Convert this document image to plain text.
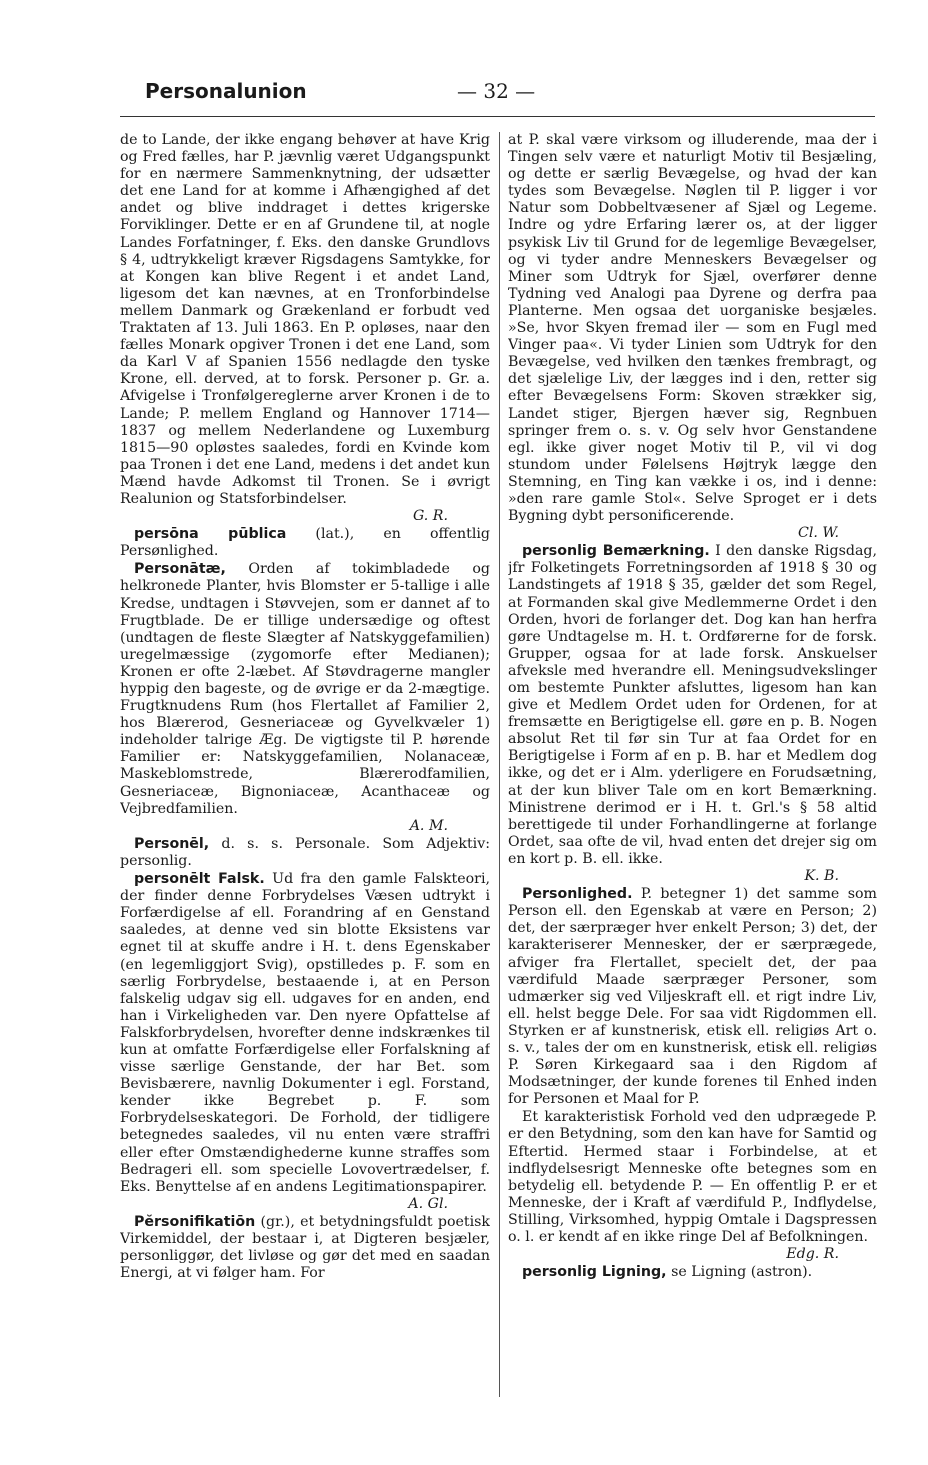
Personalunion	— 32 —

de to Lande, der ikke engang behøver at have Krig og Fred fælles, har P. jævnlig været Udgangspunkt for en nærmere Sammenknytning, der udsætter det ene Land for at komme i Afhængighed af det andet og blive inddraget i dettes krigerske Forviklinger. Dette er en af Grundene til, at nogle Landes Forfatninger, f. Eks. den danske Grundlovs § 4, udtrykkeligt kræver Rigsdagens Samtykke, for at Kongen kan blive Regent i et andet Land, ligesom det kan nævnes, at en Tronforbindelse mellem Danmark og Grækenland er forbudt ved Traktaten af 13. Juli 1863. En P. opløses, naar den fælles Monark opgiver Tronen i det ene Land, som da Karl V af Spanien 1556 nedlagde den tyske Krone, ell. derved, at to forsk. Personer p. Gr. a. Afvigelse i Tronfølgereglerne arver Kronen i de to Lande; P. mellem England og Hannover 1714—1837 og mellem Nederlandene og Luxemburg 1815—90 opløstes saaledes, fordi en Kvinde kom paa Tronen i det ene Land, medens i det andet kun Mænd havde Adkomst til Tronen. Se i øvrigt Realunion og Statsforbindelser.
G. R.

persōna pūblica (lat.), en offentlig Persønlighed.

Personātæ, Orden af tokimbladede og helkronede Planter, hvis Blomster er 5-tallige i alle Kredse, undtagen i Støvvejen, som er dannet af to Frugtblade. De er tillige undersædige og oftest (undtagen de fleste Slægter af Natskyggefamilien) uregelmæssige (zygomorfe efter Medianen); Kronen er ofte 2-læbet. Af Støvdragerne mangler hyppig den bageste, og de øvrige er da 2-mægtige. Frugtknudens Rum (hos Flertallet af Familier 2, hos Blærerod, Gesneriaceæ og Gyvelkvæler 1) indeholder talrige Æg. De vigtigste til P. hørende Familier er: Natskyggefamilien, Nolanaceæ, Maskeblomstrede, Blærerodfamilien, Gesneriaceæ, Bignoniaceæ, Acanthaceæ og Vejbredfamilien.
A. M.

Personēl, d. s. s. Personale. Som Adjektiv: personlig.

personēlt Falsk. Ud fra den gamle Falskteori, der finder denne Forbrydelses Væsen udtrykt i Forfærdigelse af ell. Forandring af en Genstand saaledes, at denne ved sin blotte Eksistens var egnet til at skuffe andre i H. t. dens Egenskaber (en legemliggjort Svig), opstilledes p. F. som en særlig Forbrydelse, bestaaende i, at en Person falskelig udgav sig ell. udgaves for en anden, end han i Virkeligheden var. Den nyere Opfattelse af Falskforbrydelsen, hvorefter denne indskrænkes til kun at omfatte Forfærdigelse eller Forfalskning af visse særlige Genstande, der har Bet. som Bevisbærere, navnlig Dokumenter i egl. Forstand, kender ikke Begrebet p. F. som Forbrydelseskategori. De Forhold, der tidligere betegnedes saaledes, vil nu enten være straffri eller efter Omstændighederne kunne straffes som Bedrageri ell. som specielle Lovovertrædelser, f. Eks. Benyttelse af en andens Legitimationspapirer.
A. Gl.

Pĕrsonifikatiōn (gr.), et betydningsfuldt poetisk Virkemiddel, der bestaar i, at Digteren besjæler, personliggør, det livløse og gør det med en saadan Energi, at vi følger ham. For

at P. skal være virksom og illuderende, maa der i Tingen selv være et naturligt Motiv til Besjæling, og dette er særlig Bevægelse, og hvad der kan tydes som Bevægelse. Nøglen til P. ligger i vor Natur som Dobbeltvæsener af Sjæl og Legeme. Indre og ydre Erfaring lærer os, at der ligger psykisk Liv til Grund for de legemlige Bevægelser, og vi tyder andre Menneskers Bevægelser og Miner som Udtryk for Sjæl, overfører denne Tydning ved Analogi paa Dyrene og derfra paa Planterne. Men ogsaa det uorganiske besjæles. »Se, hvor Skyen fremad iler — som en Fugl med Vinger paa«. Vi tyder Linien som Udtryk for den Bevægelse, ved hvilken den tænkes frembragt, og det sjælelige Liv, der lægges ind i den, retter sig efter Bevægelsens Form: Skoven strækker sig, Landet stiger, Bjergen hæver sig, Regnbuen springer frem o. s. v. Og selv hvor Genstandene egl. ikke giver noget Motiv til P., vil vi dog stundom under Følelsens Højtryk lægge den Stemning, en Ting kan vække i os, ind i denne: »den rare gamle Stol«. Selve Sproget er i dets Bygning dybt personificerende.
Cl. W.

personlig Bemærkning. I den danske Rigsdag, jfr Folketingets Forretningsorden af 1918 § 30 og Landstingets af 1918 § 35, gælder det som Regel, at Formanden skal give Medlemmerne Ordet i den Orden, hvori de forlanger det. Dog kan han herfra gøre Undtagelse m. H. t. Ordførerne for de forsk. Grupper, ogsaa for at lade forsk. Anskuelser afveksle med hverandre ell. Meningsudvekslinger om bestemte Punkter afsluttes, ligesom han kan give et Medlem Ordet uden for Ordenen, for at fremsætte en Berigtigelse ell. gøre en p. B. Nogen absolut Ret til før sin Tur at faa Ordet for en Berigtigelse i Form af en p. B. har et Medlem dog ikke, og det er i Alm. yderligere en Forudsætning, at der kun bliver Tale om en kort Bemærkning. Ministrene derimod er i H. t. Grl.'s § 58 altid berettigede til under Forhandlingerne at forlange Ordet, saa ofte de vil, hvad enten det drejer sig om en kort p. B. ell. ikke.
K. B.

Personlighed. P. betegner 1) det samme som Person ell. den Egenskab at være en Person; 2) det, der særpræger hver enkelt Person; 3) det, der karakteriserer Mennesker, der er særprægede, afviger fra Flertallet, specielt det, der paa værdifuld Maade særpræger Personer, som udmærker sig ved Viljeskraft ell. et rigt indre Liv, ell. helst begge Dele. For saa vidt Rigdommen ell. Styrken er af kunstnerisk, etisk ell. religiøs Art o. s. v., tales der om en kunstnerisk, etisk ell. religiøs P. Søren Kirkegaard saa i den Rigdom af Modsætninger, der kunde forenes til Enhed inden for Personen et Maal for P.

Et karakteristisk Forhold ved den udprægede P. er den Betydning, som den kan have for Samtid og Eftertid. Hermed staar i Forbindelse, at et indflydelsesrigt Menneske ofte betegnes som en betydelig ell. betydende P. — En offentlig P. er et Menneske, der i Kraft af værdifuld P., Indflydelse, Stilling, Virksomhed, hyppig Omtale i Dagspressen o. l. er kendt af en ikke ringe Del af Befolkningen.
Edg. R.

personlig Ligning, se Ligning (astron).
